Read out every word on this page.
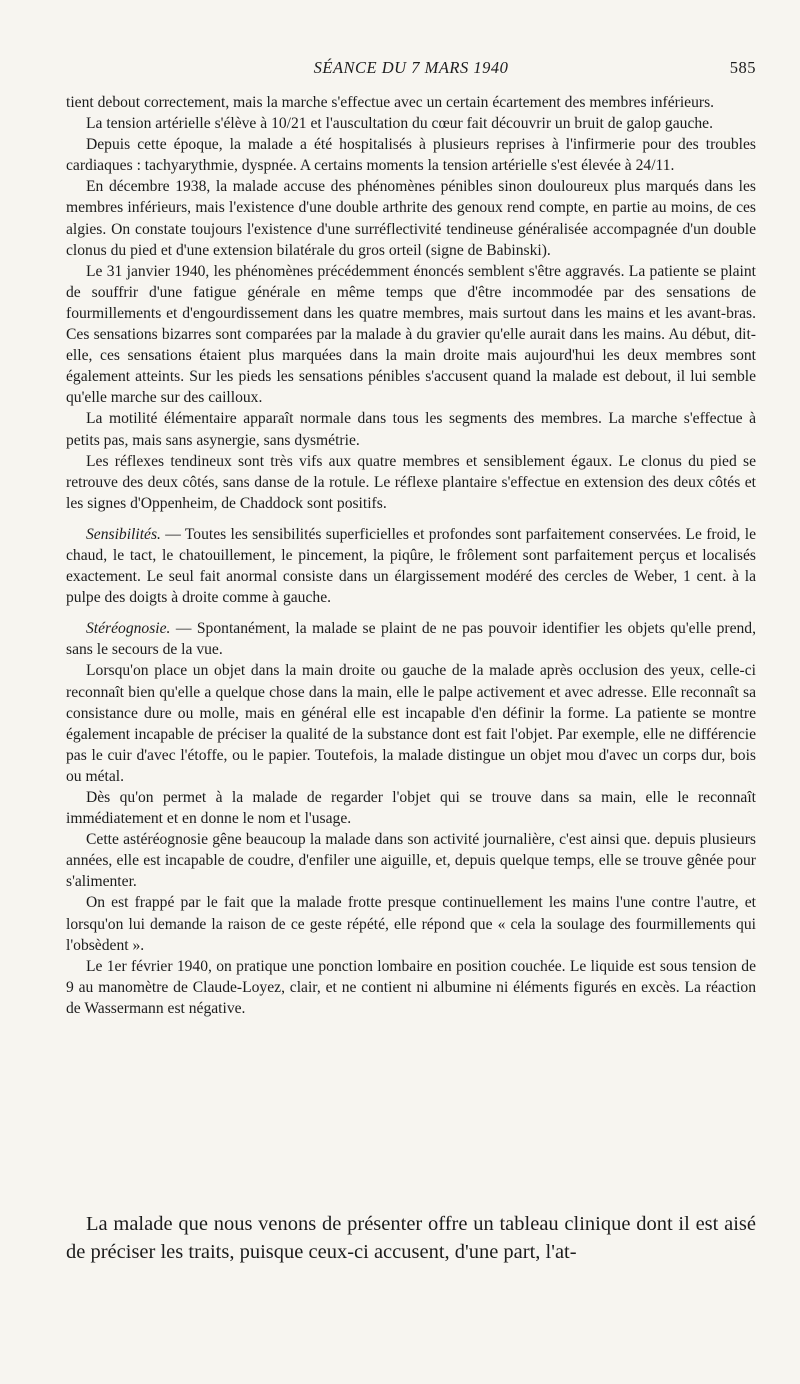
SÉANCE DU 7 MARS 1940	585

tient debout correctement, mais la marche s'effectue avec un certain écartement des membres inférieurs.

La tension artérielle s'élève à 10/21 et l'auscultation du cœur fait découvrir un bruit de galop gauche.

Depuis cette époque, la malade a été hospitalisés à plusieurs reprises à l'infirmerie pour des troubles cardiaques : tachyarythmie, dyspnée. A certains moments la tension artérielle s'est élevée à 24/11.

En décembre 1938, la malade accuse des phénomènes pénibles sinon douloureux plus marqués dans les membres inférieurs, mais l'existence d'une double arthrite des genoux rend compte, en partie au moins, de ces algies. On constate toujours l'existence d'une surréflectivité tendineuse généralisée accompagnée d'un double clonus du pied et d'une extension bilatérale du gros orteil (signe de Babinski).

Le 31 janvier 1940, les phénomènes précédemment énoncés semblent s'être aggravés. La patiente se plaint de souffrir d'une fatigue générale en même temps que d'être incommodée par des sensations de fourmillements et d'engourdissement dans les quatre membres, mais surtout dans les mains et les avant-bras. Ces sensations bizarres sont comparées par la malade à du gravier qu'elle aurait dans les mains. Au début, dit-elle, ces sensations étaient plus marquées dans la main droite mais aujourd'hui les deux membres sont également atteints. Sur les pieds les sensations pénibles s'accusent quand la malade est debout, il lui semble qu'elle marche sur des cailloux.

La motilité élémentaire apparaît normale dans tous les segments des membres. La marche s'effectue à petits pas, mais sans asynergie, sans dysmétrie.

Les réflexes tendineux sont très vifs aux quatre membres et sensiblement égaux. Le clonus du pied se retrouve des deux côtés, sans danse de la rotule. Le réflexe plantaire s'effectue en extension des deux côtés et les signes d'Oppenheim, de Chaddock sont positifs.

Sensibilités. — Toutes les sensibilités superficielles et profondes sont parfaitement conservées. Le froid, le chaud, le tact, le chatouillement, le pincement, la piqûre, le frôlement sont parfaitement perçus et localisés exactement. Le seul fait anormal consiste dans un élargissement modéré des cercles de Weber, 1 cent. à la pulpe des doigts à droite comme à gauche.

Stéréognosie. — Spontanément, la malade se plaint de ne pas pouvoir identifier les objets qu'elle prend, sans le secours de la vue.

Lorsqu'on place un objet dans la main droite ou gauche de la malade après occlusion des yeux, celle-ci reconnaît bien qu'elle a quelque chose dans la main, elle le palpe activement et avec adresse. Elle reconnaît sa consistance dure ou molle, mais en général elle est incapable d'en définir la forme. La patiente se montre également incapable de préciser la qualité de la substance dont est fait l'objet. Par exemple, elle ne différencie pas le cuir d'avec l'étoffe, ou le papier. Toutefois, la malade distingue un objet mou d'avec un corps dur, bois ou métal.

Dès qu'on permet à la malade de regarder l'objet qui se trouve dans sa main, elle le reconnaît immédiatement et en donne le nom et l'usage.

Cette astéréognosie gêne beaucoup la malade dans son activité journalière, c'est ainsi que. depuis plusieurs années, elle est incapable de coudre, d'enfiler une aiguille, et, depuis quelque temps, elle se trouve gênée pour s'alimenter.

On est frappé par le fait que la malade frotte presque continuellement les mains l'une contre l'autre, et lorsqu'on lui demande la raison de ce geste répété, elle répond que « cela la soulage des fourmillements qui l'obsèdent ».

Le 1er février 1940, on pratique une ponction lombaire en position couchée. Le liquide est sous tension de 9 au manomètre de Claude-Loyez, clair, et ne contient ni albumine ni éléments figurés en excès. La réaction de Wassermann est négative.

La malade que nous venons de présenter offre un tableau clinique dont il est aisé de préciser les traits, puisque ceux-ci accusent, d'une part, l'at-
